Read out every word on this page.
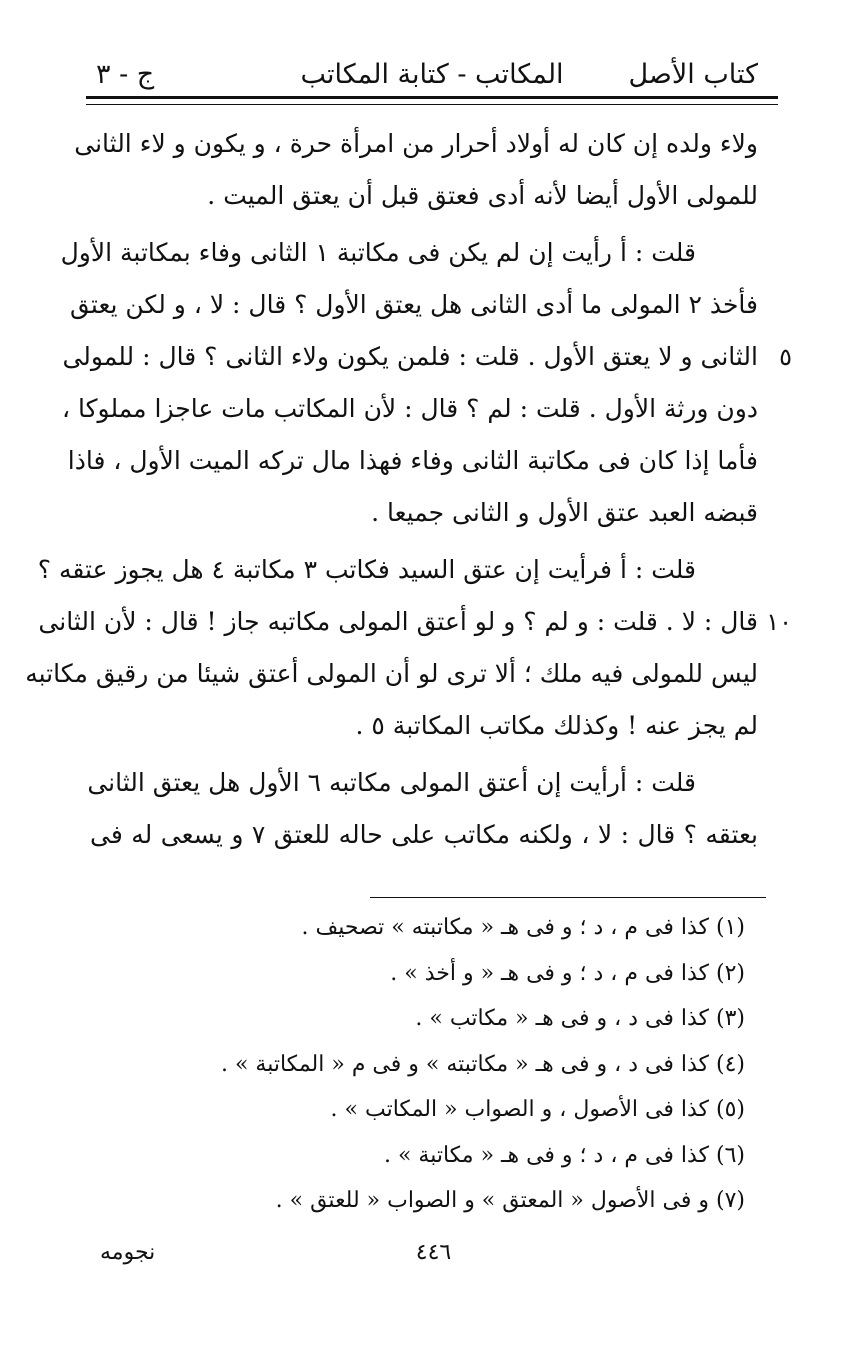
كتاب الأصل
المكاتب - كتابة المكاتب
ج - ٣
ولاء ولده إن كان له أولاد أحرار من امرأة حرة ، و يكون و لاء الثانى
للمولى الأول أيضا لأنه أدى فعتق قبل أن يعتق الميت .
قلت : أ رأيت إن لم يكن فى مكاتبة ١ الثانى وفاء بمكاتبة الأول
فأخذ ٢ المولى ما أدى الثانى هل يعتق الأول ؟ قال : لا ، و لكن يعتق
٥
الثانى و لا يعتق الأول . قلت : فلمن يكون ولاء الثانى ؟ قال : للمولى
دون ورثة الأول . قلت : لم ؟ قال : لأن المكاتب مات عاجزا مملوكا ،
فأما إذا كان فى مكاتبة الثانى وفاء فهذا مال تركه الميت الأول ، فاذا
قبضه العبد عتق الأول و الثانى جميعا .
قلت : أ فرأيت إن عتق السيد فكاتب ٣ مكاتبة ٤ هل يجوز عتقه ؟
١٠
قال : لا . قلت : و لم ؟ و لو أعتق المولى مكاتبه جاز ! قال : لأن الثانى
ليس للمولى فيه ملك ؛ ألا ترى لو أن المولى أعتق شيئا من رقيق مكاتبه
لم يجز عنه ! وكذلك مكاتب المكاتبة ٥ .
قلت : أرأيت إن أعتق المولى مكاتبه ٦ الأول هل يعتق الثانى
بعتقه ؟ قال : لا ، ولكنه مكاتب على حاله للعتق ٧ و يسعى له فى
(١) كذا فى م ، د ؛ و فى هـ « مكاتبته » تصحيف .
(٢) كذا فى م ، د ؛ و فى هـ « و أخذ » .
(٣) كذا فى د ، و فى هـ « مكاتب » .
(٤) كذا فى د ، و فى هـ « مكاتبته » و فى م « المكاتبة » .
(٥) كذا فى الأصول ، و الصواب « المكاتب » .
(٦) كذا فى م ، د ؛ و فى هـ « مكاتبة » .
(٧) و فى الأصول « المعتق » و الصواب « للعتق » .
٤٤٦
نجومه
